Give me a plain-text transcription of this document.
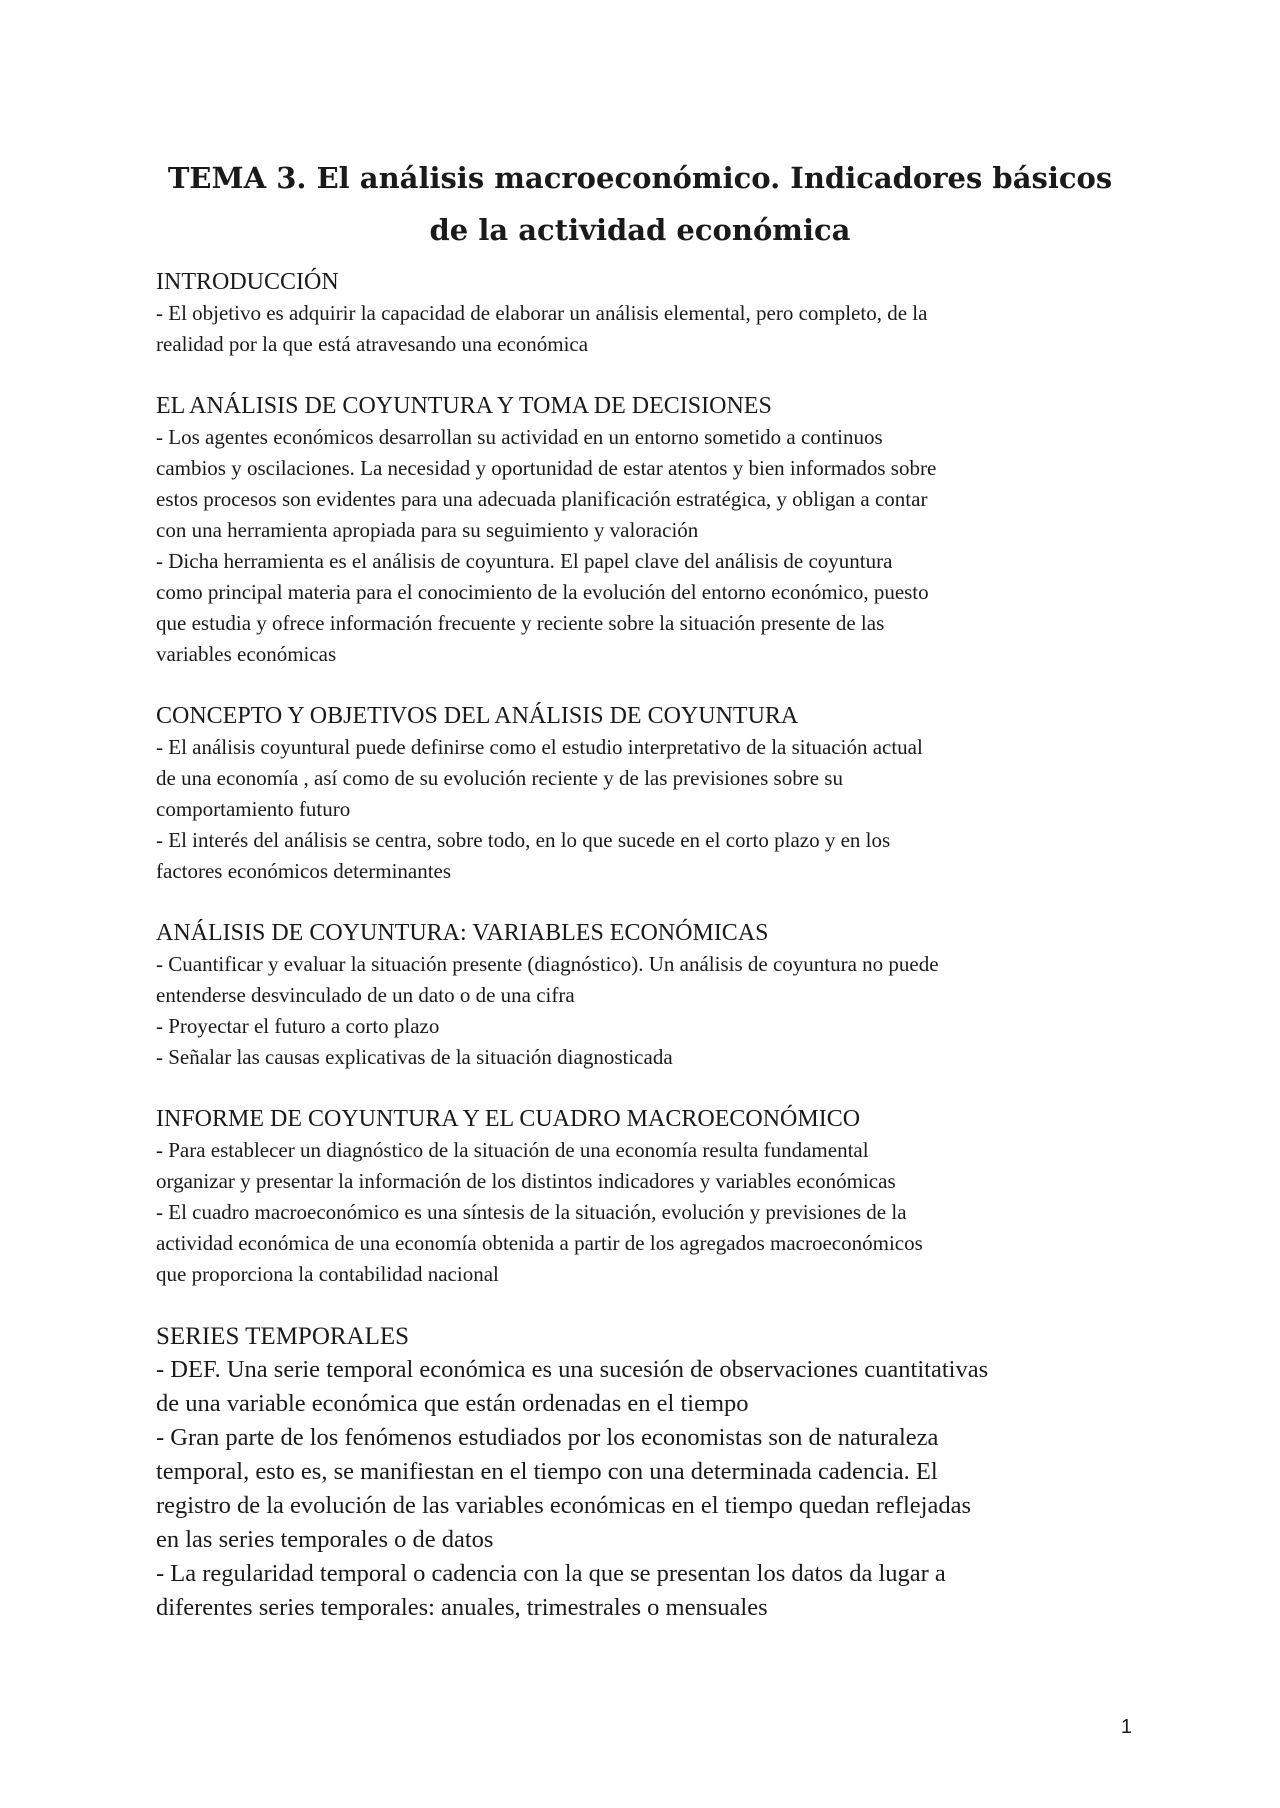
TEMA 3. El análisis macroeconómico. Indicadores básicos
de la actividad económica
INTRODUCCIÓN
- El objetivo es adquirir la capacidad de elaborar un análisis elemental, pero completo, de la
realidad por la que está atravesando una económica
EL ANÁLISIS DE COYUNTURA Y TOMA DE DECISIONES
- Los agentes económicos desarrollan su actividad en un entorno sometido a continuos
cambios y oscilaciones. La necesidad y oportunidad de estar atentos y bien informados sobre
estos procesos son evidentes para una adecuada planificación estratégica, y obligan a contar
con una herramienta apropiada para su seguimiento y valoración
- Dicha herramienta es el análisis de coyuntura. El papel clave del análisis de coyuntura
como principal materia para el conocimiento de la evolución del entorno económico, puesto
que estudia y ofrece información frecuente y reciente sobre la situación presente de las
variables económicas
CONCEPTO Y OBJETIVOS DEL ANÁLISIS DE COYUNTURA
- El análisis coyuntural puede definirse como el estudio interpretativo de la situación actual
de una economía , así como de su evolución reciente y de las previsiones sobre su
comportamiento futuro
- El interés del análisis se centra, sobre todo, en lo que sucede en el corto plazo y en los
factores económicos determinantes
ANÁLISIS DE COYUNTURA: VARIABLES ECONÓMICAS
- Cuantificar y evaluar la situación presente (diagnóstico). Un análisis de coyuntura no puede
entenderse desvinculado de un dato o de una cifra
- Proyectar el futuro a corto plazo
- Señalar las causas explicativas de la situación diagnosticada
INFORME DE COYUNTURA Y EL CUADRO MACROECONÓMICO
- Para establecer un diagnóstico de la situación de una economía resulta fundamental
organizar y presentar la información de los distintos indicadores y variables económicas
- El cuadro macroeconómico es una síntesis de la situación, evolución y previsiones de la
actividad económica de una economía obtenida a partir de los agregados macroeconómicos
que proporciona la contabilidad nacional
SERIES TEMPORALES
- DEF. Una serie temporal económica es una sucesión de observaciones cuantitativas
de una variable económica que están ordenadas en el tiempo
- Gran parte de los fenómenos estudiados por los economistas son de naturaleza
temporal, esto es, se manifiestan en el tiempo con una determinada cadencia. El
registro de la evolución de las variables económicas en el tiempo quedan reflejadas
en las series temporales o de datos
- La regularidad temporal o cadencia con la que se presentan los datos da lugar a
diferentes series temporales: anuales, trimestrales o mensuales
1
